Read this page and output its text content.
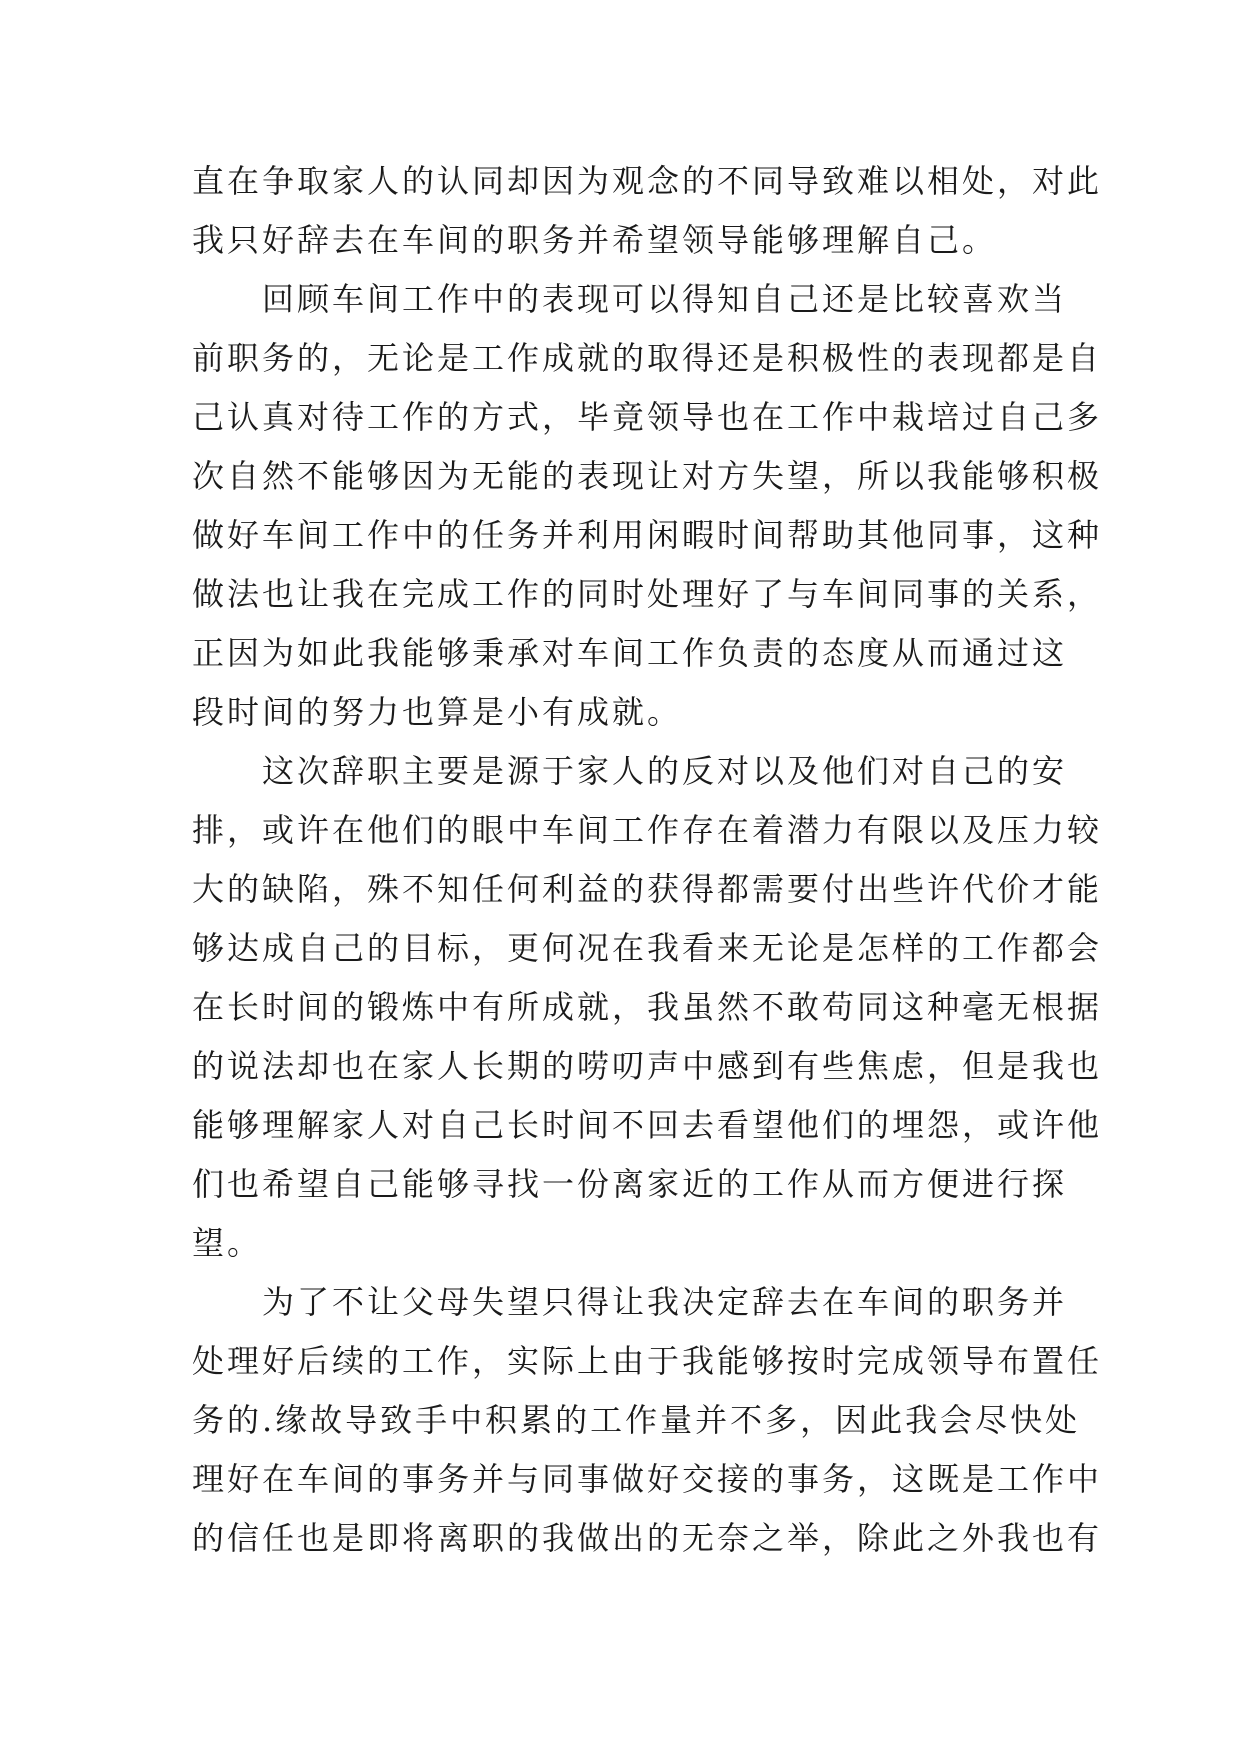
直在争取家人的认同却因为观念的不同导致难以相处，对此
我只好辞去在车间的职务并希望领导能够理解自己。
回顾车间工作中的表现可以得知自己还是比较喜欢当
前职务的，无论是工作成就的取得还是积极性的表现都是自
己认真对待工作的方式，毕竟领导也在工作中栽培过自己多
次自然不能够因为无能的表现让对方失望，所以我能够积极
做好车间工作中的任务并利用闲暇时间帮助其他同事，这种
做法也让我在完成工作的同时处理好了与车间同事的关系，
正因为如此我能够秉承对车间工作负责的态度从而通过这
段时间的努力也算是小有成就。
这次辞职主要是源于家人的反对以及他们对自己的安
排，或许在他们的眼中车间工作存在着潜力有限以及压力较
大的缺陷，殊不知任何利益的获得都需要付出些许代价才能
够达成自己的目标，更何况在我看来无论是怎样的工作都会
在长时间的锻炼中有所成就，我虽然不敢苟同这种毫无根据
的说法却也在家人长期的唠叨声中感到有些焦虑，但是我也
能够理解家人对自己长时间不回去看望他们的埋怨，或许他
们也希望自己能够寻找一份离家近的工作从而方便进行探
望。
为了不让父母失望只得让我决定辞去在车间的职务并
处理好后续的工作，实际上由于我能够按时完成领导布置任
务的.缘故导致手中积累的工作量并不多，因此我会尽快处
理好在车间的事务并与同事做好交接的事务，这既是工作中
的信任也是即将离职的我做出的无奈之举，除此之外我也有
